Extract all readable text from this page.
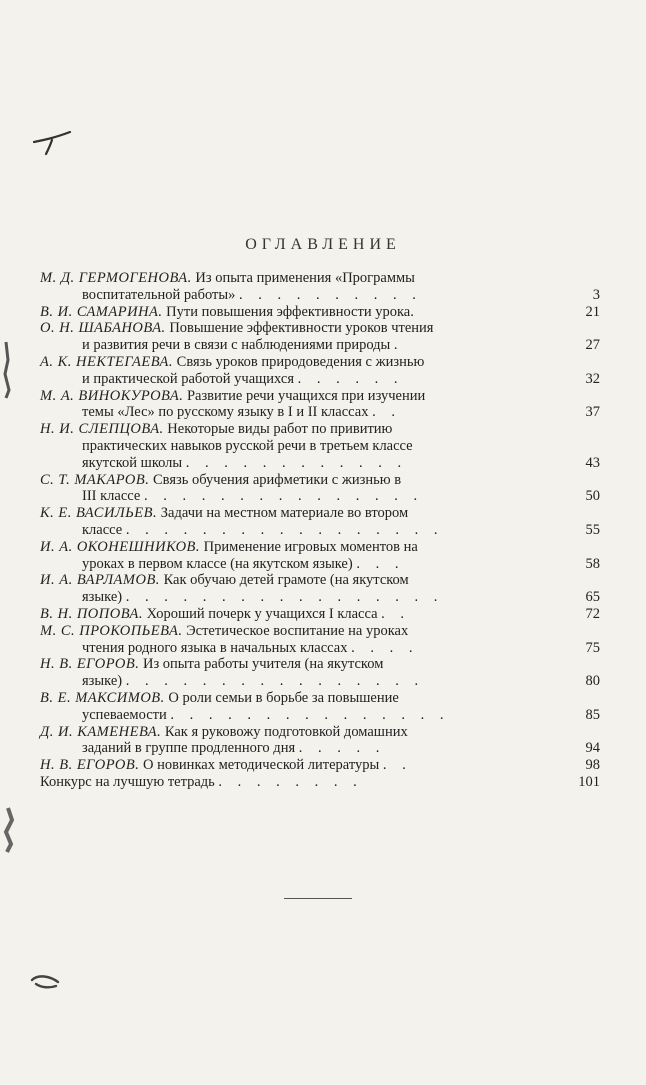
ОГЛАВЛЕНИЕ
М. Д. ГЕРМОГЕНОВА. Из опыта применения «Программы
воспитательной работы» . . . . . . . . . .	3
В. И. САМАРИНА. Пути повышения эффективности урока.	21
О. Н. ШАБАНОВА. Повышение эффективности уроков чтения
и развития речи в связи с наблюдениями природы .	27
А. К. НЕКТЕГАЕВА. Связь уроков природоведения с жизнью
и практической работой учащихся . . . . . .	32
М. А. ВИНОКУРОВА. Развитие речи учащихся при изучении
темы «Лес» по русскому языку в I и II классах . .	37
Н. И. СЛЕПЦОВА. Некоторые виды работ по привитию
практических навыков русской речи в третьем классе
якутской школы . . . . . . . . . . . .	43
С. Т. МАКАРОВ. Связь обучения арифметики с жизнью в
III классе . . . . . . . . . . . . . . .	50
К. Е. ВАСИЛЬЕВ. Задачи на местном материале во втором
классе . . . . . . . . . . . . . . . . .	55
И. А. ОКОНЕШНИКОВ. Применение игровых моментов на
уроках в первом классе (на якутском языке) . . .	58
И. А. ВАРЛАМОВ. Как обучаю детей грамоте (на якутском
языке) . . . . . . . . . . . . . . . . .	65
В. Н. ПОПОВА. Хороший почерк у учащихся I класса . .	72
М. С. ПРОКОПЬЕВА. Эстетическое воспитание на уроках
чтения родного языка в начальных классах . . . .	75
Н. В. ЕГОРОВ. Из опыта работы учителя (на якутском
языке) . . . . . . . . . . . . . . . .	80
В. Е. МАКСИМОВ. О роли семьи в борьбе за повышение
успеваемости . . . . . . . . . . . . . . .	85
Д. И. КАМЕНЕВА. Как я руковожу подготовкой домашних
заданий в группе продленного дня . . . . .	94
Н. В. ЕГОРОВ. О новинках методической литературы . .	98
Конкурс на лучшую тетрадь . . . . . . . .	101
